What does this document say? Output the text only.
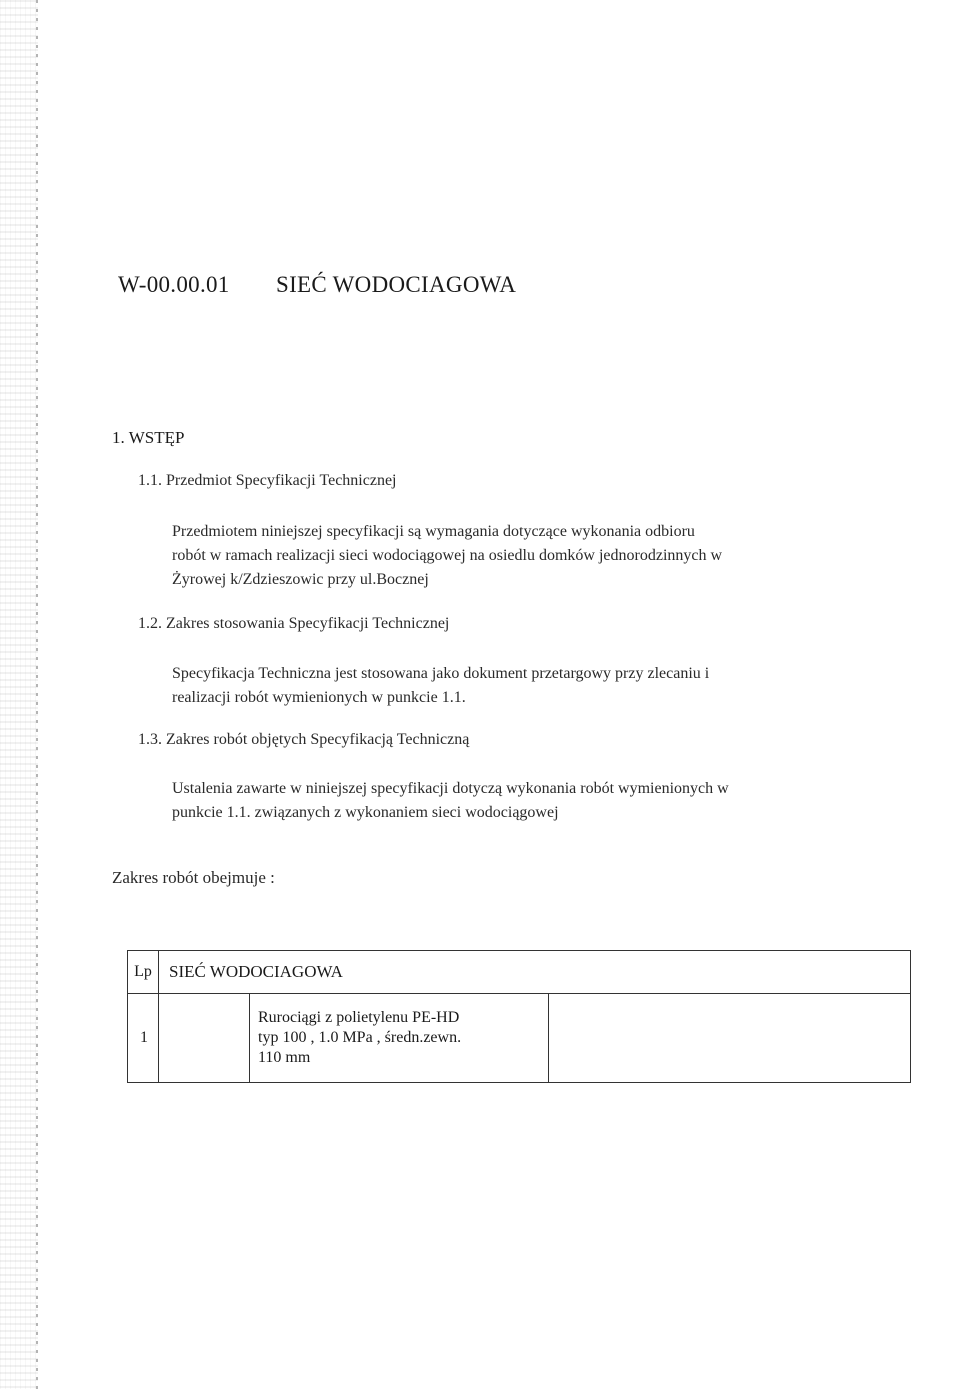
W-00.00.01 SIEĆ WODOCIAGOWA
1. WSTĘP
1.1. Przedmiot Specyfikacji Technicznej
Przedmiotem niniejszej specyfikacji są wymagania dotyczące wykonania odbioru
robót w ramach realizacji sieci wodociągowej na osiedlu domków jednorodzinnych w
Żyrowej k/Zdzieszowic przy ul.Bocznej
1.2. Zakres stosowania Specyfikacji Technicznej
Specyfikacja Techniczna jest stosowana jako dokument przetargowy przy zlecaniu i
realizacji robót wymienionych w punkcie 1.1.
1.3. Zakres robót objętych Specyfikacją Techniczną
Ustalenia zawarte w niniejszej specyfikacji dotyczą wykonania robót wymienionych w
punkcie 1.1. związanych z wykonaniem sieci wodociągowej
Zakres robót obejmuje :
Lp	SIEĆ WODOCIAGOWA		
1		Rurociągi z polietylenu PE-HD
typ 100 , 1.0 MPa , średn.zewn.
110 mm	
